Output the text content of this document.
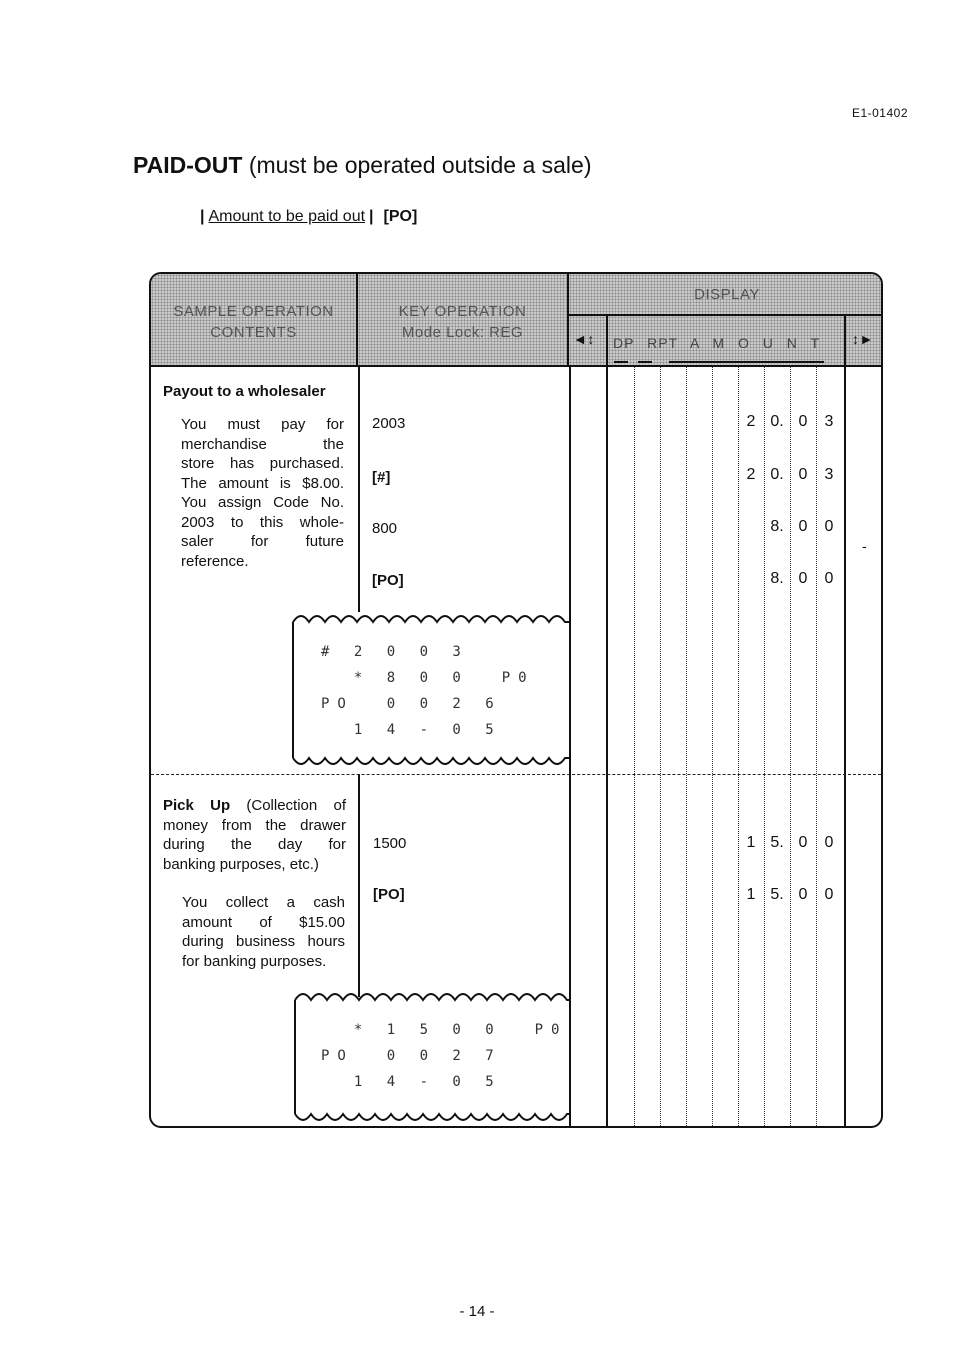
E1-01402
PAID-OUT (must be operated outside a sale)
| Amount to be paid out | [PO]
SAMPLE OPERATION
CONTENTS
KEY OPERATION
Mode Lock: REG
DISPLAY
◄↕ DP RPT A M O U N T ↕►
Payout to a wholesaler
You must pay for
merchandise the
store has purchased.
The amount is $8.00.
You assign Code No.
2003 to this whole-
saler for future
reference.
2003
[#]
800
[PO]
2 0. 0 3
2 0. 0 3
8. 0 0
8. 0 0
# 2 0 0 3
* 8 0 0  P0
PO  0 0 2 6
1 4 - 0 5
Pick Up (Collection of
money from the drawer
during the day for
banking purposes, etc.)
You collect a cash
amount of $15.00
during business hours
for banking purposes.
1500
[PO]
1 5. 0 0
1 5. 0 0
* 1 5 0 0  P0
PO  0 0 2 7
1 4 - 0 5
-
- 14 -
